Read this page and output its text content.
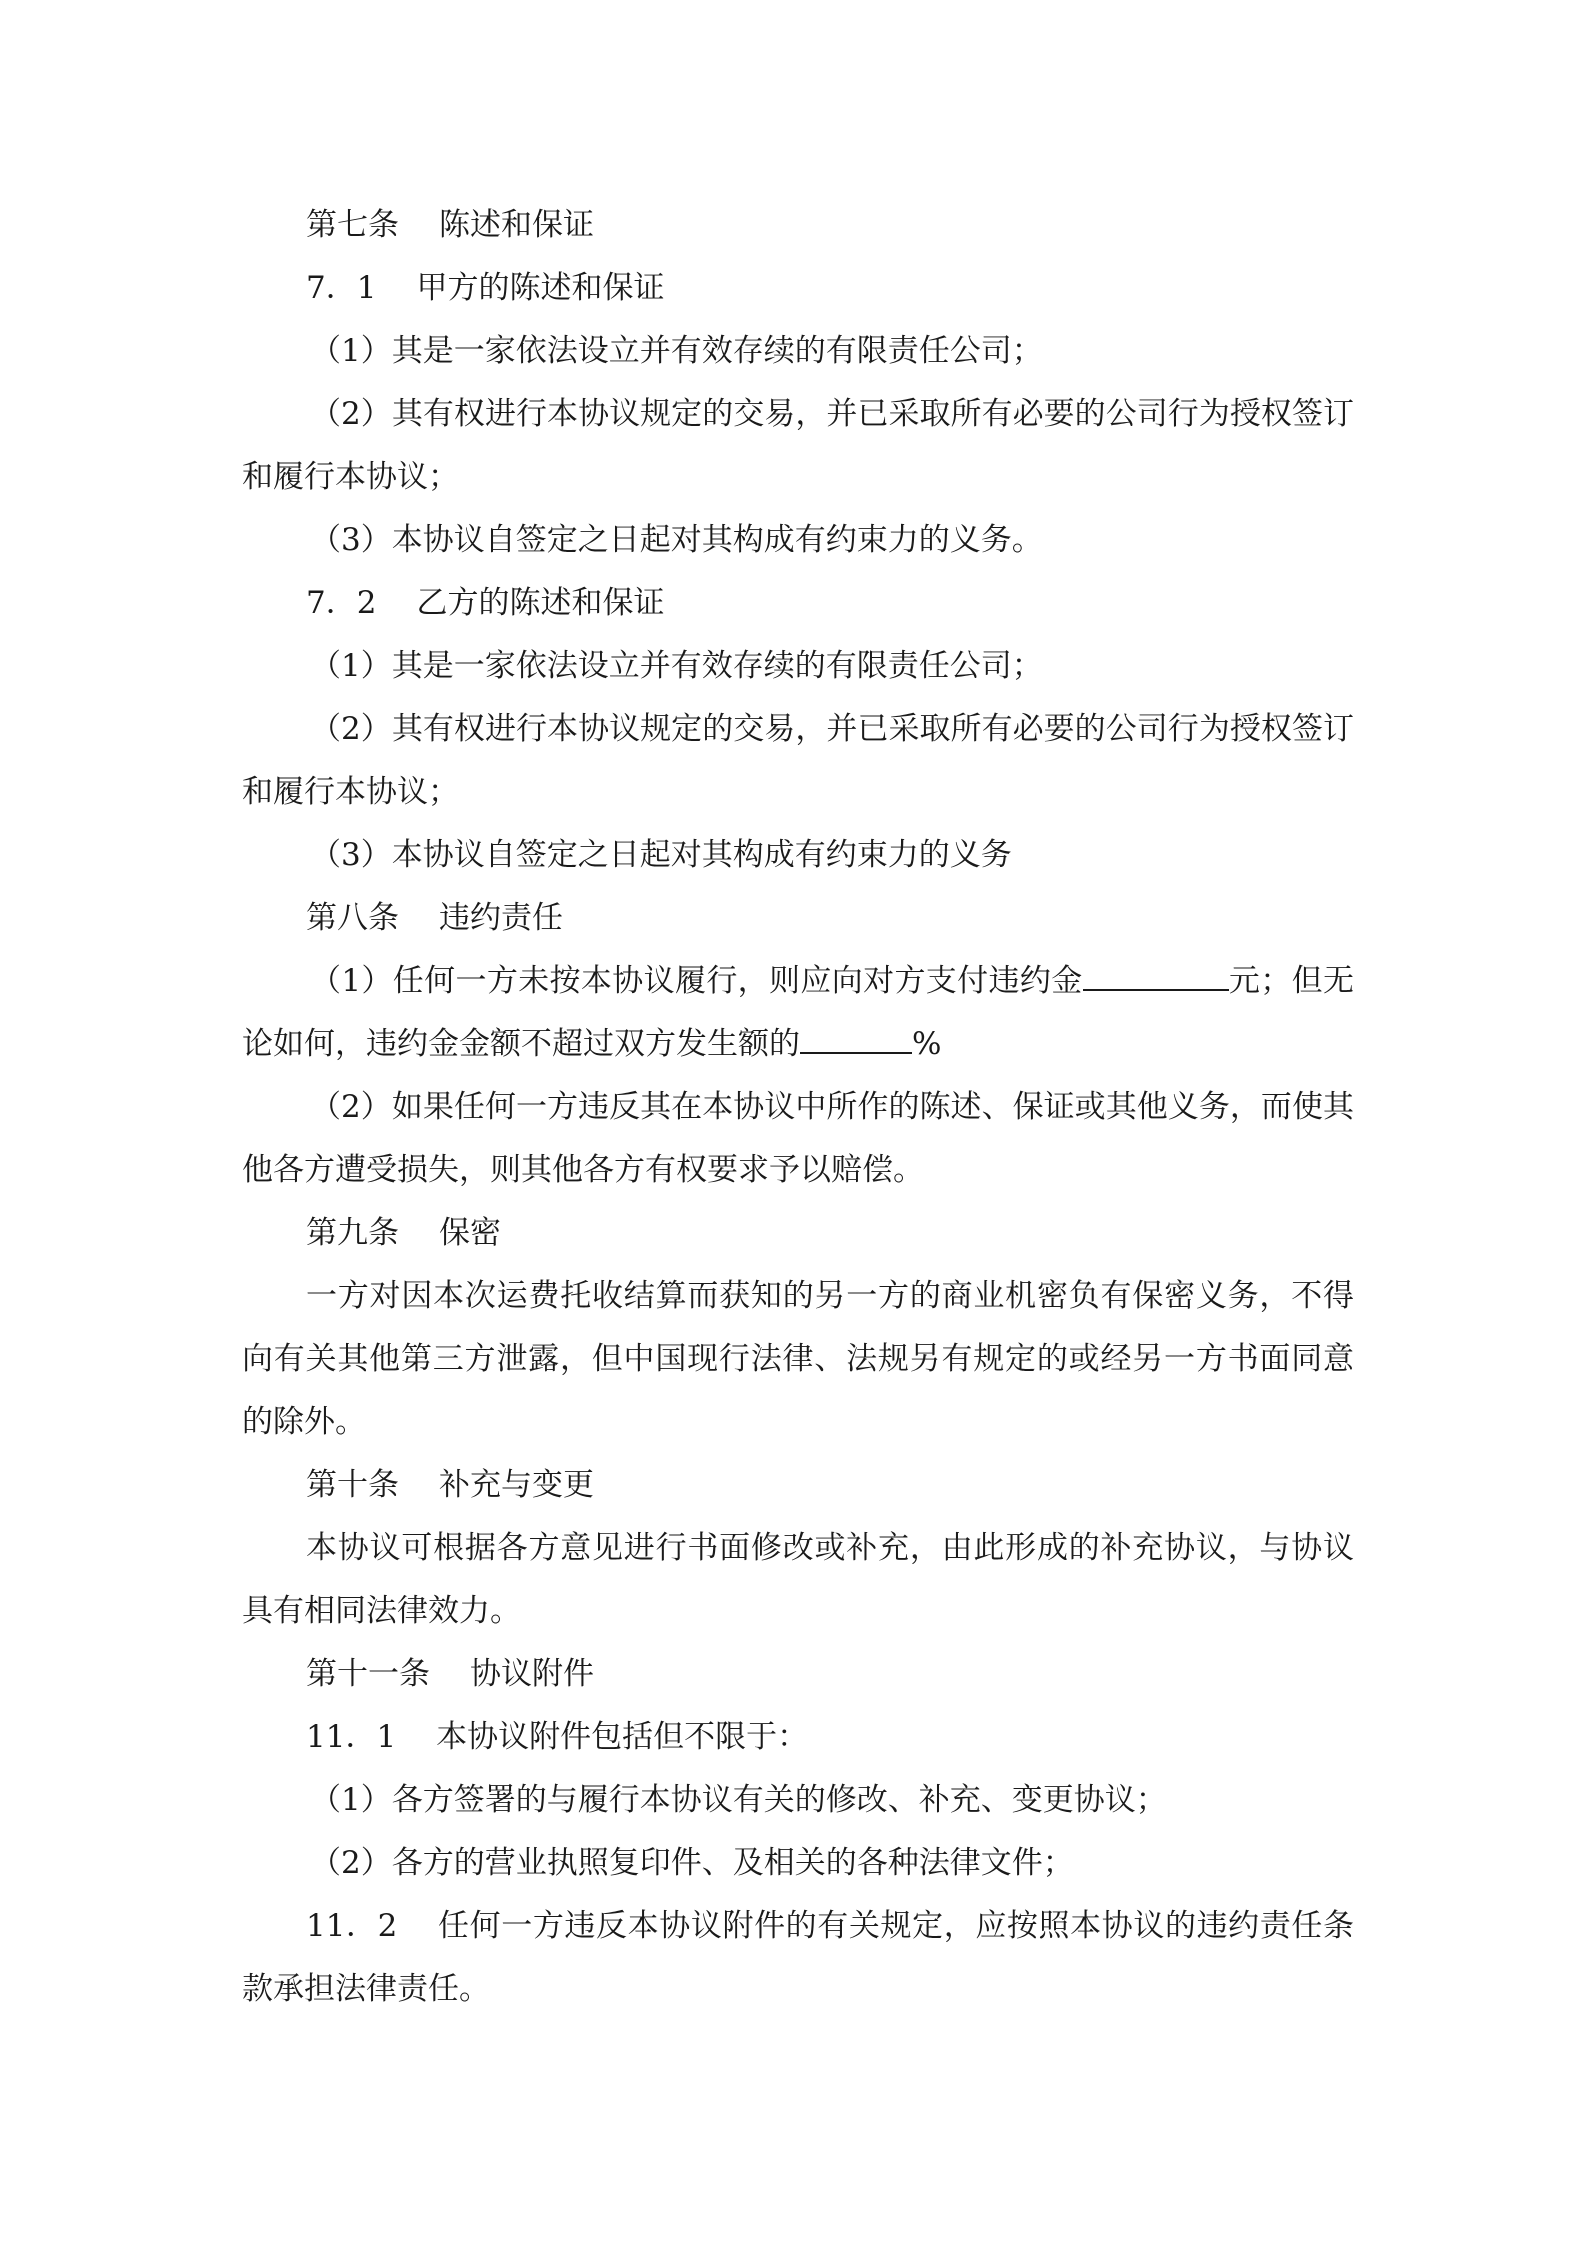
第七条 陈述和保证

7．1 甲方的陈述和保证

（1）其是一家依法设立并有效存续的有限责任公司；

（2）其有权进行本协议规定的交易，并已采取所有必要的公司行为授权签订和履行本协议；

（3）本协议自签定之日起对其构成有约束力的义务。

7．2 乙方的陈述和保证

（1）其是一家依法设立并有效存续的有限责任公司；

（2）其有权进行本协议规定的交易，并已采取所有必要的公司行为授权签订和履行本协议；

（3）本协议自签定之日起对其构成有约束力的义务

第八条 违约责任

（1）任何一方未按本协议履行，则应向对方支付违约金	元；但无论如何，违约金金额不超过双方发生额的	%

（2）如果任何一方违反其在本协议中所作的陈述、保证或其他义务，而使其他各方遭受损失，则其他各方有权要求予以赔偿。

第九条 保密

一方对因本次运费托收结算而获知的另一方的商业机密负有保密义务，不得向有关其他第三方泄露，但中国现行法律、法规另有规定的或经另一方书面同意的除外。

第十条 补充与变更

本协议可根据各方意见进行书面修改或补充，由此形成的补充协议，与协议具有相同法律效力。

第十一条 协议附件

11．1 本协议附件包括但不限于：

（1）各方签署的与履行本协议有关的修改、补充、变更协议；

（2）各方的营业执照复印件、及相关的各种法律文件；

11．2 任何一方违反本协议附件的有关规定，应按照本协议的违约责任条款承担法律责任。
